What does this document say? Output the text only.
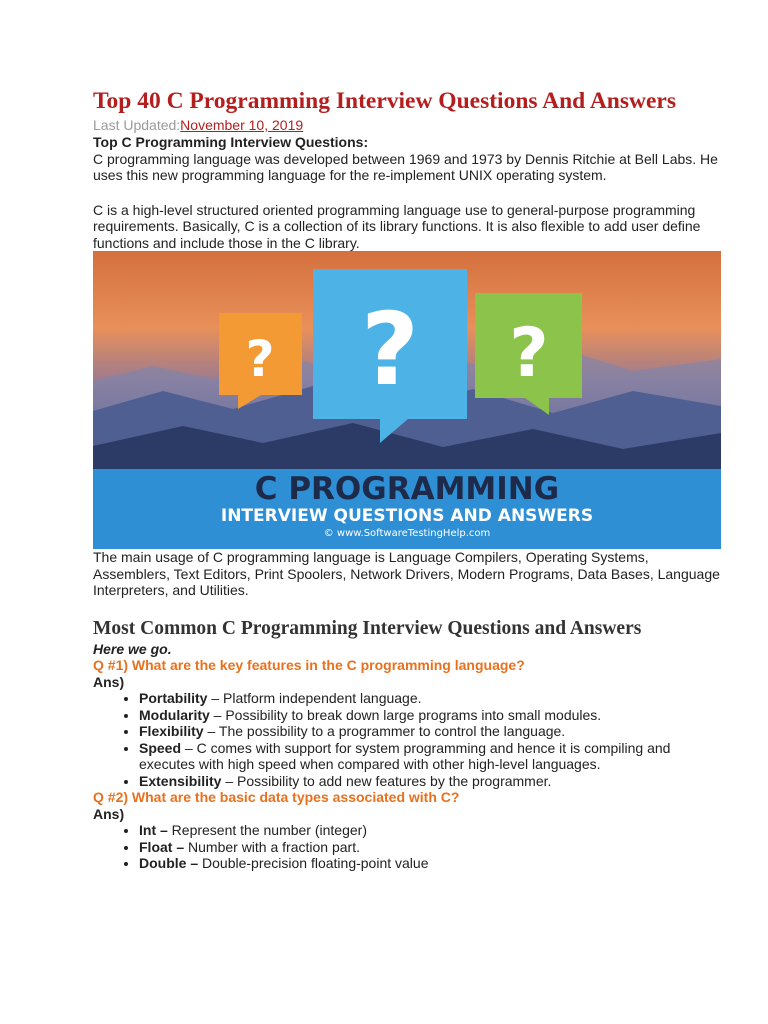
Top 40 C Programming Interview Questions And Answers
Last Updated:November 10, 2019

Top C Programming Interview Questions:

C programming language was developed between 1969 and 1973 by Dennis Ritchie at Bell Labs. He uses this new programming language for the re-implement UNIX operating system.

C is a high-level structured oriented programming language use to general-purpose programming requirements. Basically, C is a collection of its library functions. It is also flexible to add user define functions and include those in the C library.

? ? ?
C PROGRAMMING
INTERVIEW QUESTIONS AND ANSWERS
© www.SoftwareTestingHelp.com

The main usage of C programming language is Language Compilers, Operating Systems, Assemblers, Text Editors, Print Spoolers, Network Drivers, Modern Programs, Data Bases, Language Interpreters, and Utilities.

Most Common C Programming Interview Questions and Answers
Here we go.
Q #1) What are the key features in the C programming language?
Ans)
• Portability – Platform independent language.
• Modularity – Possibility to break down large programs into small modules.
• Flexibility – The possibility to a programmer to control the language.
• Speed – C comes with support for system programming and hence it is compiling and executes with high speed when compared with other high-level languages.
• Extensibility – Possibility to add new features by the programmer.
Q #2) What are the basic data types associated with C?
Ans)
• Int – Represent the number (integer)
• Float – Number with a fraction part.
• Double – Double-precision floating-point value
